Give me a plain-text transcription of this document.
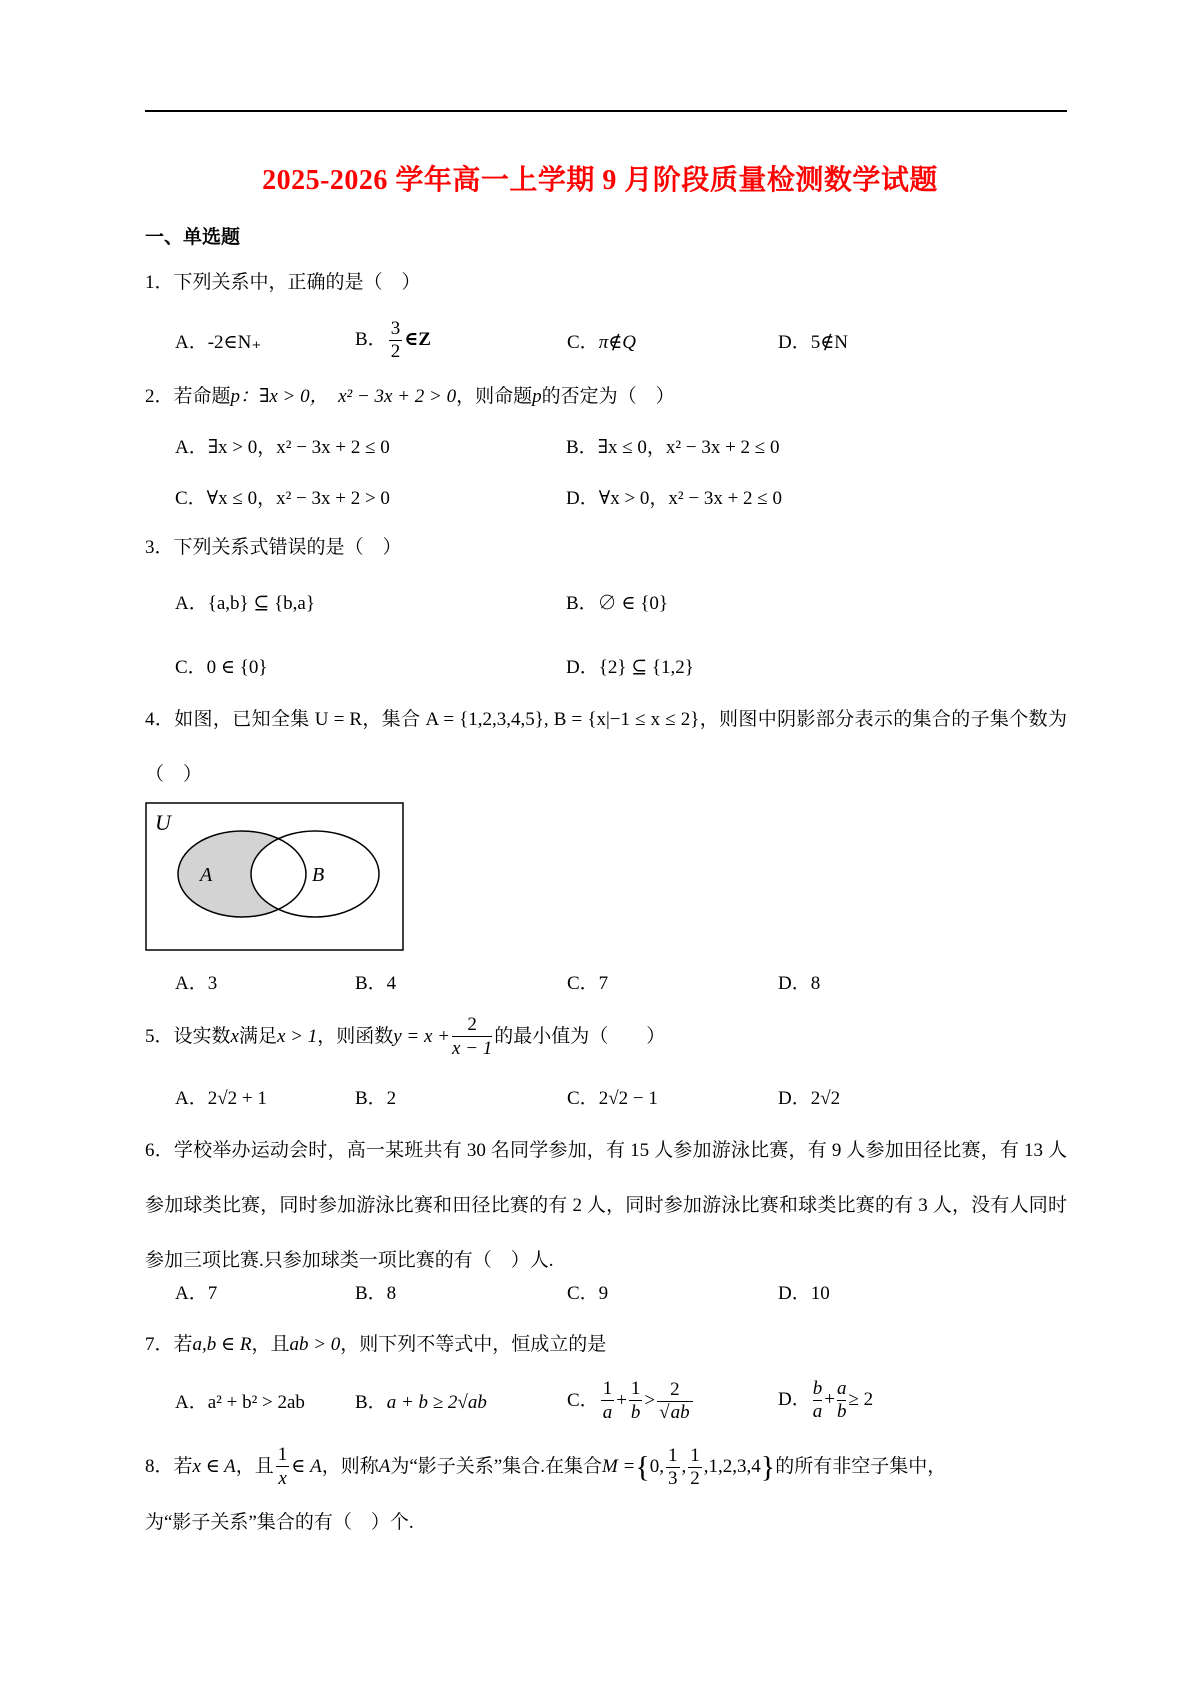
2025-2026 学年高一上学期 9 月阶段质量检测数学试题
一、单选题
1．下列关系中，正确的是（　）
A．-2∈N₊	B． $\frac{3}{2}$ ∈Z	C．π∉Q	D．5∉N
2．若命题p：∃x > 0，　 x² − 3x + 2 > 0，则命题p的否定为（　）
A．∃x > 0，x² − 3x + 2 ≤ 0	B．∃x ≤ 0，x² − 3x + 2 ≤ 0
C．∀x ≤ 0，x² − 3x + 2 > 0	D．∀x > 0，x² − 3x + 2 ≤ 0
3．下列关系式错误的是（　）
A．{a,b} ⊆ {b,a}	B．∅ ∈ {0}
C．0 ∈ {0}	D．{2} ⊆ {1,2}
4．如图，已知全集 U = R，集合 A = {1,2,3,4,5}, B = {x|−1 ≤ x ≤ 2}，则图中阴影部分表示的集合的子集个数为（　）
U
A	B
A．3	B．4	C．7	D．8
5．设实数x满足x > 1，则函数$y = x + \frac{2}{x - 1}$ 的最小值为（　　）
A．2√2 + 1	B．2	C．2√2 − 1	D．2√2
6．学校举办运动会时，高一某班共有 30 名同学参加，有 15 人参加游泳比赛，有 9 人参加田径比赛，有 13 人参加球类比赛，同时参加游泳比赛和田径比赛的有 2 人，同时参加游泳比赛和球类比赛的有 3 人，没有人同时参加三项比赛.只参加球类一项比赛的有（　）人.
A．7	B．8	C．9	D．10
7．若a,b ∈ R，且ab > 0，则下列不等式中，恒成立的是
A．a² + b² > 2ab	B．a + b ≥ 2√ab	C． $\frac{1}{a} + \frac{1}{b} > \frac{2}{√ab}$	D． $\frac{b}{a} + \frac{a}{b} \ge 2$
8．若x ∈ A，且 $\frac{1}{x}$ ∈ A，则称A为“影子关系”集合.在集合M ={0, $\frac{1}{3}$ , $\frac{1}{2} ,1,2,3,4$}的所有非空子集中，
为“影子关系”集合的有（　）个.
